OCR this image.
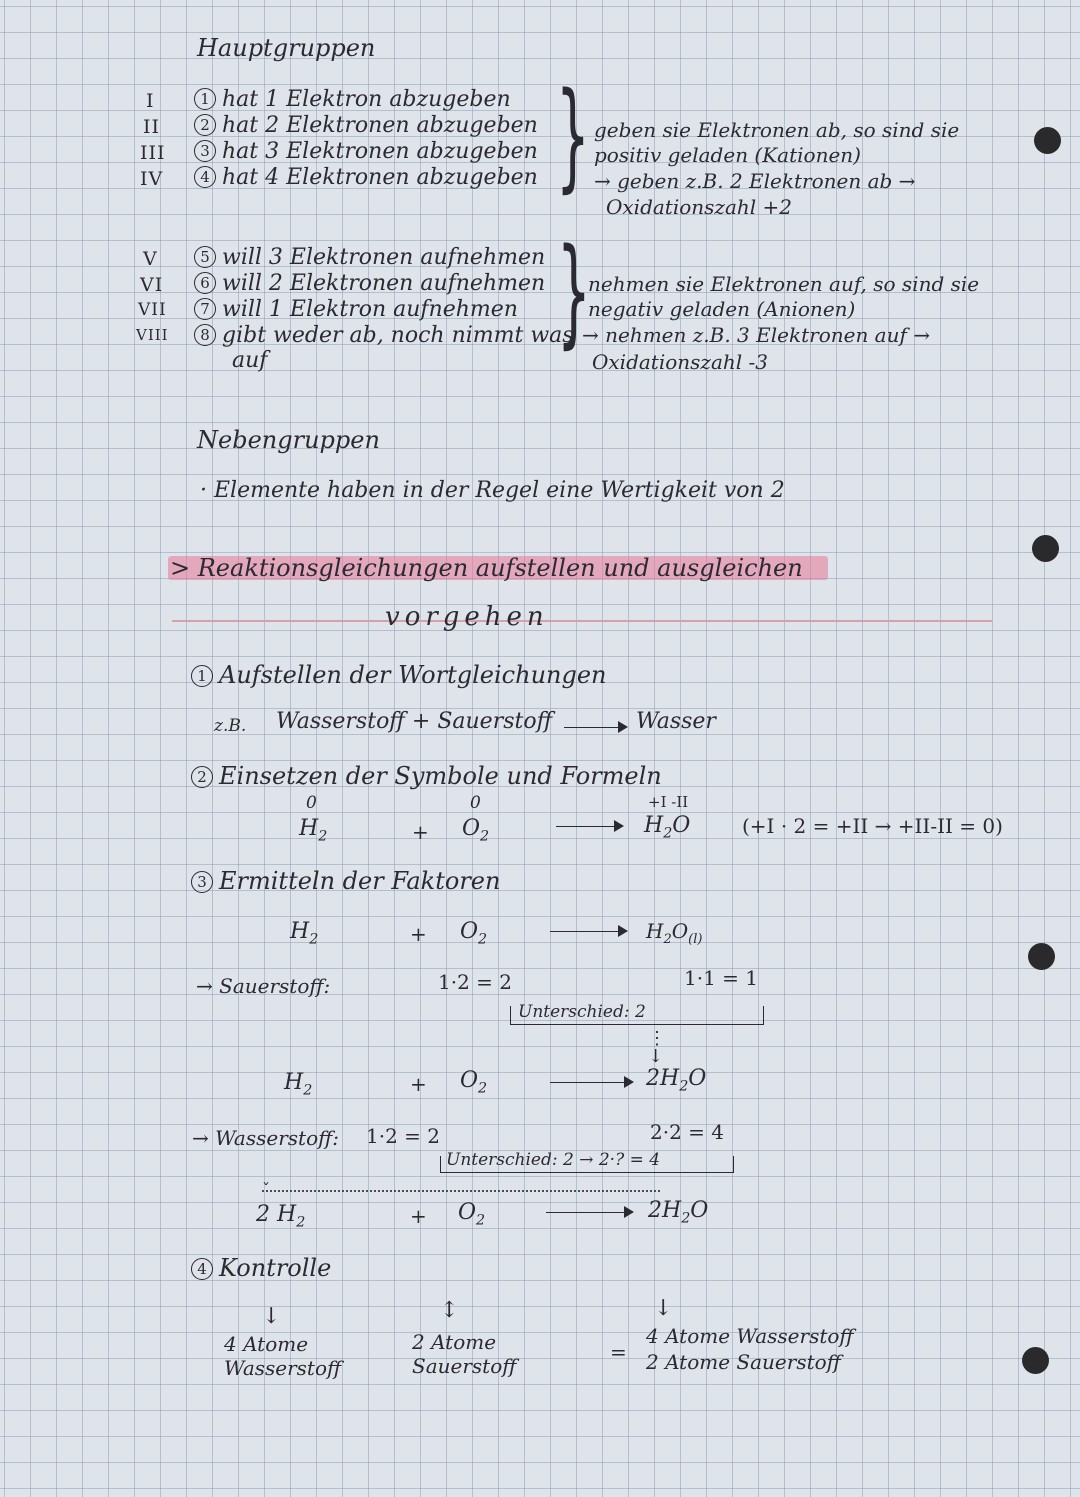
Hauptgruppen
I	1 hat 1 Elektron abzugeben
II	2 hat 2 Elektronen abzugeben
III	3 hat 3 Elektronen abzugeben
IV	4 hat 4 Elektronen abzugeben } geben sie Elektronen ab, so sind sie
positiv geladen (Kationen)
→ geben z.B. 2 Elektronen ab →
Oxidationszahl +2
V	5 will 3 Elektronen aufnehmen
VI	6 will 2 Elektronen aufnehmen
VII	7 will 1 Elektron aufnehmen
VIII	8 gibt weder ab, noch nimmt was
auf
}
nehmen sie Elektronen auf, so sind sie
negativ geladen (Anionen)
→ nehmen z.B. 3 Elektronen auf →
Oxidationszahl -3
Nebengruppen
· Elemente haben in der Regel eine Wertigkeit von 2
> Reaktionsgleichungen aufstellen und ausgleichen
vorgehen
1 Aufstellen der Wortgleichungen
z.B. Wasserstoff + Sauerstoff	Wasser
2 Einsetzen der Symbole und Formeln
0	0	+I -II
$H_2$	+ $O_2$	$H_2O$	(+I · 2 = +II → +II-II = 0)
3 Ermitteln der Faktoren
$H_2$	+ $O_2$	$H_2O_{(l)}$
→ Sauerstoff:	1·2 = 2	1·1 = 1
Unterschied: 2
⋮
↓
$H_2$	+ $O_2$	$2H_2O$
→ Wasserstoff: 1·2 = 2	2·2 = 4
Unterschied: 2 → 2·? = 4
ˇ
2 $H_2$	+ $O_2$	$2H_2O$
4 Kontrolle
↓
4 Atome
Wasserstoff
↕
2 Atome
Sauerstoff
=
↓
4 Atome Wasserstoff
2 Atome Sauerstoff
